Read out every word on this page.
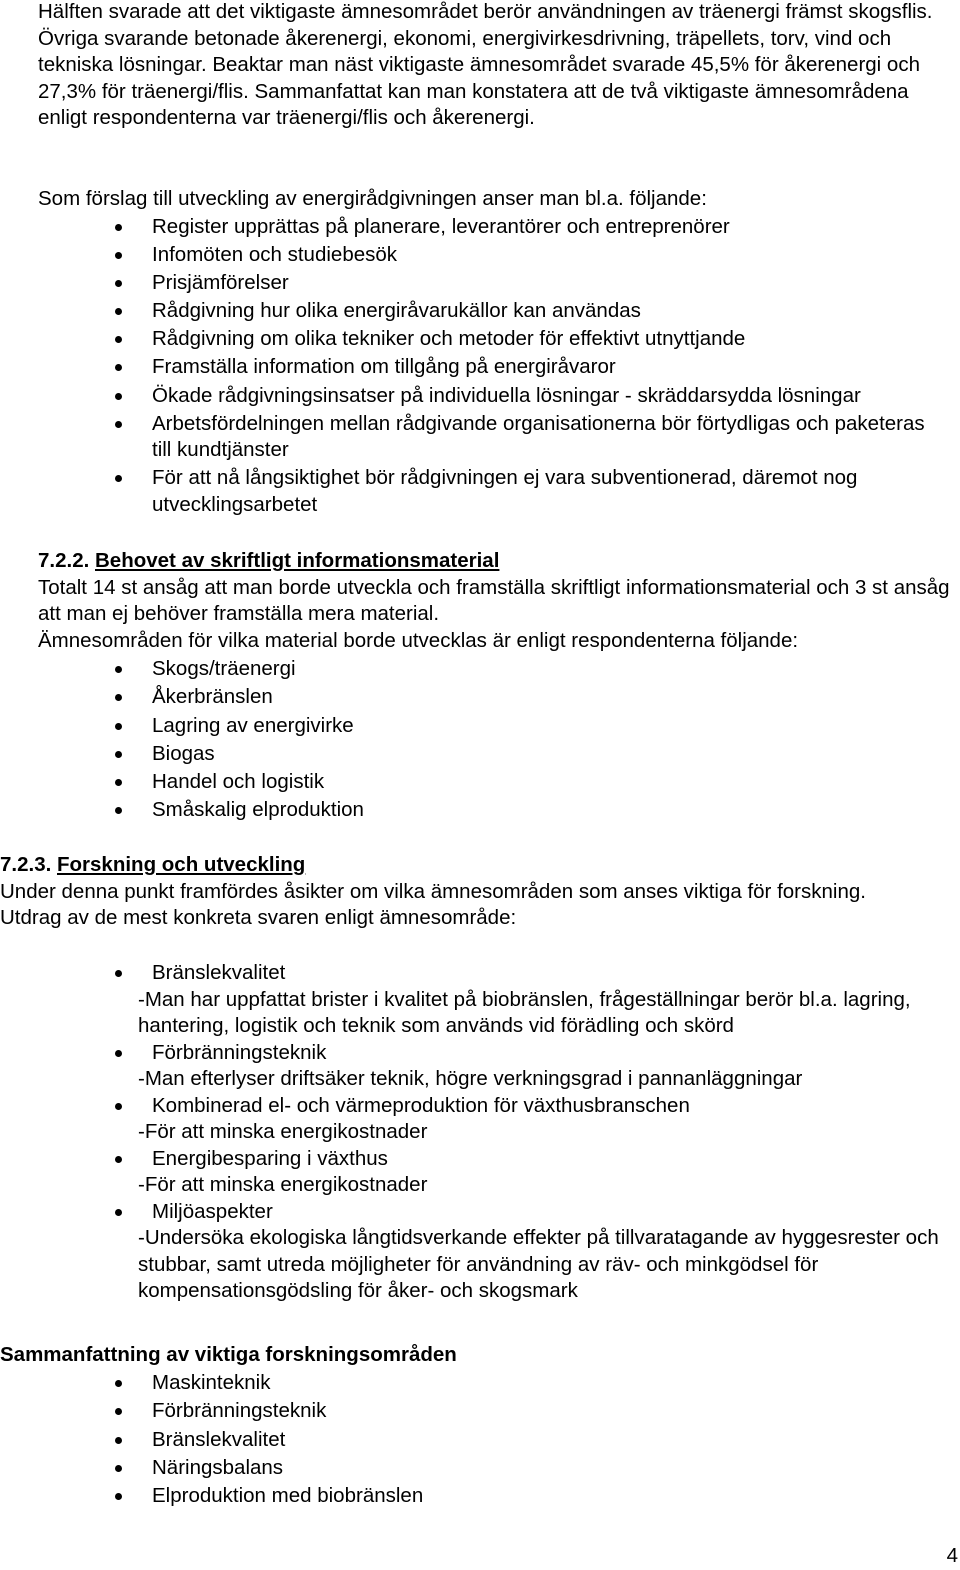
Hälften svarade att det viktigaste ämnesområdet berör användningen av träenergi främst skogsflis. Övriga svarande betonade åkerenergi, ekonomi, energivirkesdrivning, träpellets, torv, vind och tekniska lösningar. Beaktar man näst viktigaste ämnesområdet svarade 45,5% för åkerenergi och 27,3% för träenergi/flis. Sammanfattat kan man konstatera att de två viktigaste ämnesområdena enligt respondenterna var träenergi/flis och åkerenergi.

Som förslag till utveckling av energirådgivningen anser man bl.a. följande:

Register upprättas på planerare, leverantörer och entreprenörer
Infomöten och studiebesök
Prisjämförelser
Rådgivning hur olika energiråvarukällor kan användas
Rådgivning om olika tekniker och metoder för effektivt utnyttjande
Framställa information om tillgång på energiråvaror
Ökade rådgivningsinsatser på individuella lösningar - skräddarsydda lösningar
Arbetsfördelningen mellan rådgivande organisationerna bör förtydligas och paketeras till kundtjänster
För att nå långsiktighet bör rådgivningen ej vara subventionerad, däremot nog utvecklingsarbetet

7.2.2. Behovet av skriftligt informationsmaterial

Totalt 14 st ansåg att man borde utveckla och framställa skriftligt informationsmaterial och 3 st ansåg att man ej behöver framställa mera material.

Ämnesområden för vilka material borde utvecklas är enligt respondenterna följande:

Skogs/träenergi
Åkerbränslen
Lagring av energivirke
Biogas
Handel och logistik
Småskalig elproduktion

7.2.3. Forskning och utveckling

Under denna punkt framfördes åsikter om vilka ämnesområden som anses viktiga för forskning.

Utdrag av de mest konkreta svaren enligt ämnesområde:

Bränslekvalitet
-Man har uppfattat brister i kvalitet på biobränslen, frågeställningar berör bl.a. lagring, hantering, logistik och teknik som används vid förädling och skörd
Förbränningsteknik
-Man efterlyser driftsäker teknik, högre verkningsgrad i pannanläggningar
Kombinerad el- och värmeproduktion för växthusbranschen
-För att minska energikostnader
Energibesparing i växthus
-För att minska energikostnader
Miljöaspekter
-Undersöka ekologiska långtidsverkande effekter på tillvaratagande av hyggesrester och stubbar, samt utreda möjligheter för användning av räv- och minkgödsel för kompensationsgödsling för åker- och skogsmark

Sammanfattning av viktiga forskningsområden

Maskinteknik
Förbränningsteknik
Bränslekvalitet
Näringsbalans
Elproduktion med biobränslen
4
